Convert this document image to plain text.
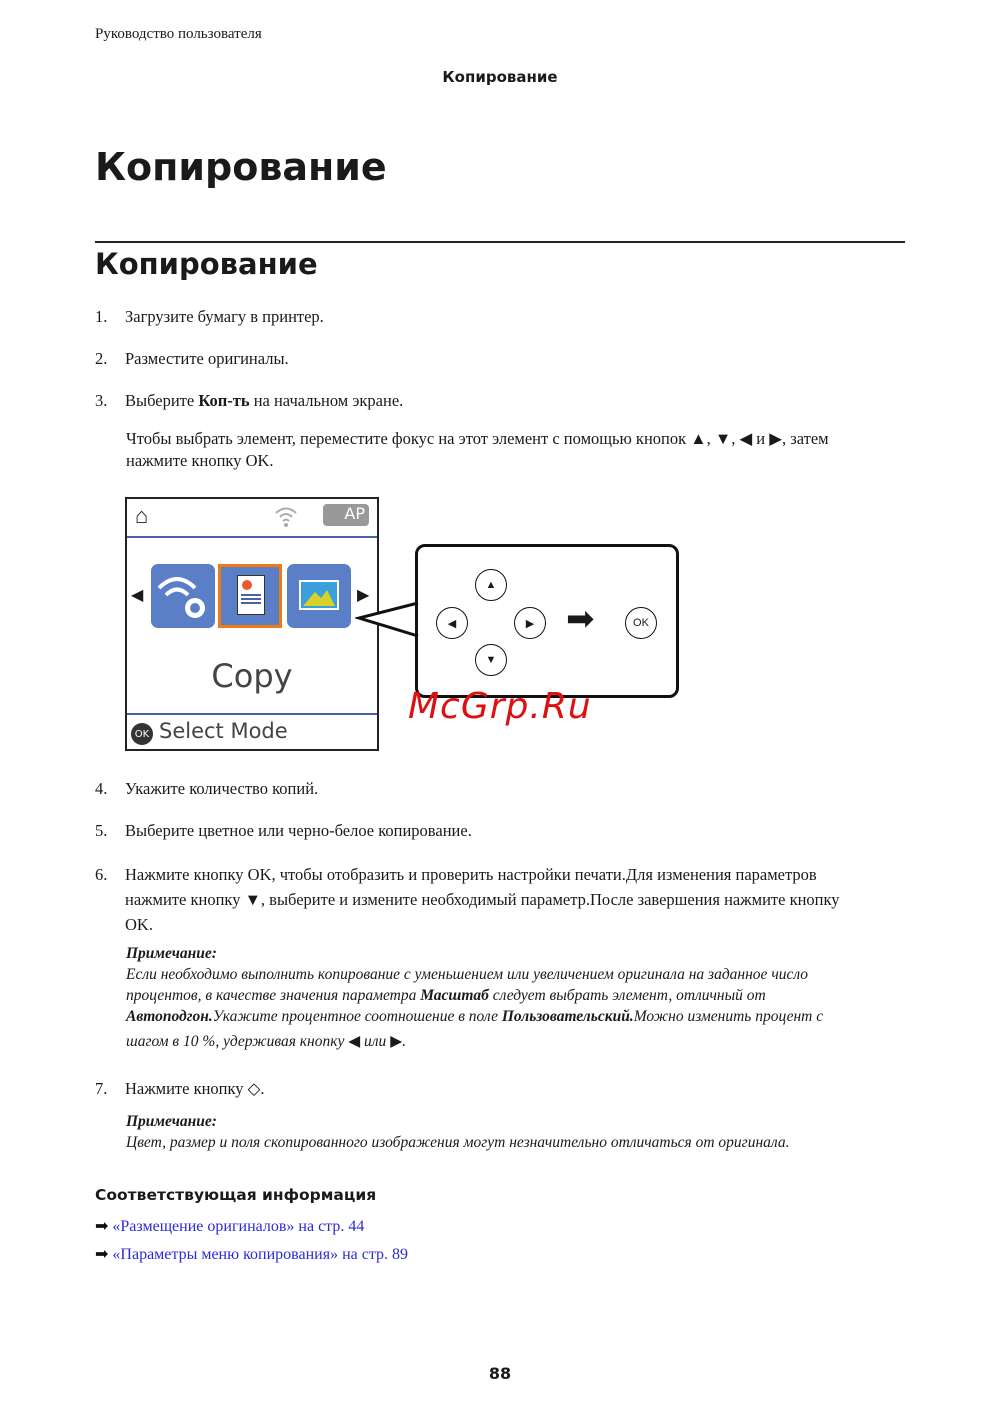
Руководство пользователя
Копирование
Копирование
Копирование
1. Загрузите бумагу в принтер.
2. Разместите оригиналы.
3. Выберите Коп-ть на начальном экране.
Чтобы выбрать элемент, переместите фокус на этот элемент с помощью кнопок ▲, ▼, ◀ и ▶, затем
нажмите кнопку OK.
⌂	AP
◀	▶
Copy
OK Select Mode
▲
◀	▶
▼
➡	OK
McGrp.Ru
4. Укажите количество копий.
5. Выберите цветное или черно-белое копирование.
6. Нажмите кнопку OK, чтобы отобразить и проверить настройки печати.Для изменения параметров
нажмите кнопку ▼, выберите и измените необходимый параметр.После завершения нажмите кнопку
OK.
Примечание:
Если необходимо выполнить копирование с уменьшением или увеличением оригинала на заданное число
процентов, в качестве значения параметра Масштаб следует выбрать элемент, отличный от
Автоподгон.Укажите процентное соотношение в поле Пользовательский.Можно изменить процент с
шагом в 10 %, удерживая кнопку ◀ или ▶.
7. Нажмите кнопку ◇.
Примечание:
Цвет, размер и поля скопированного изображения могут незначительно отличаться от оригинала.
Соответствующая информация
➡ «Размещение оригиналов» на стр. 44
➡ «Параметры меню копирования» на стр. 89
88
